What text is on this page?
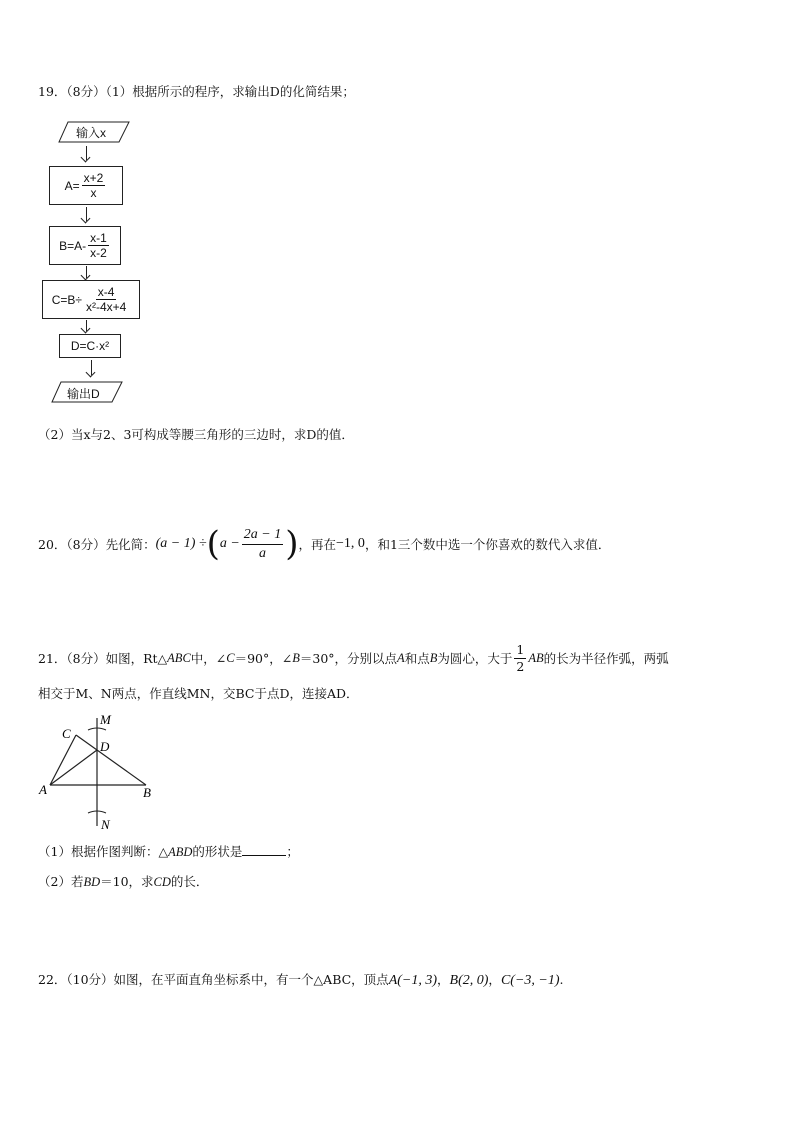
19．（8分）（1）根据所示的程序，求输出D的化简结果；
输入x
$A= \frac{x+2}{x}$
$B=A- \frac{x-1}{x-2}$
$C=B\div \frac{x-4}{\text{x²-4x+4}}$
D=C·x²
输出D
（2）当x与2、3可构成等腰三角形的三边时，求D的值．
20．（8分）先化简： (a − 1) ÷ ( $a - \frac{2a - 1}{a}$ ) ，再在 −1, 0 ，和1三个数中选一个你喜欢的数代入求值．
21．（8分）如图，Rt△ ABC 中，∠ C ＝90°，∠ B ＝30°，分别以点 A 和点 B 为圆心，大于 $\frac{1}{2}$ AB 的长为半径作弧，两弧
相交于M、N两点，作直线MN，交BC于点D，连接AD．
C
M
D
A	B
N
（1）根据作图判断：△ABD的形状是	；
（2）若BD＝10，求CD的长．
22．（10分）如图，在平面直角坐标系中，有一个△ABC，顶点A(−1, 3)，B(2, 0)，C(−3, −1).
